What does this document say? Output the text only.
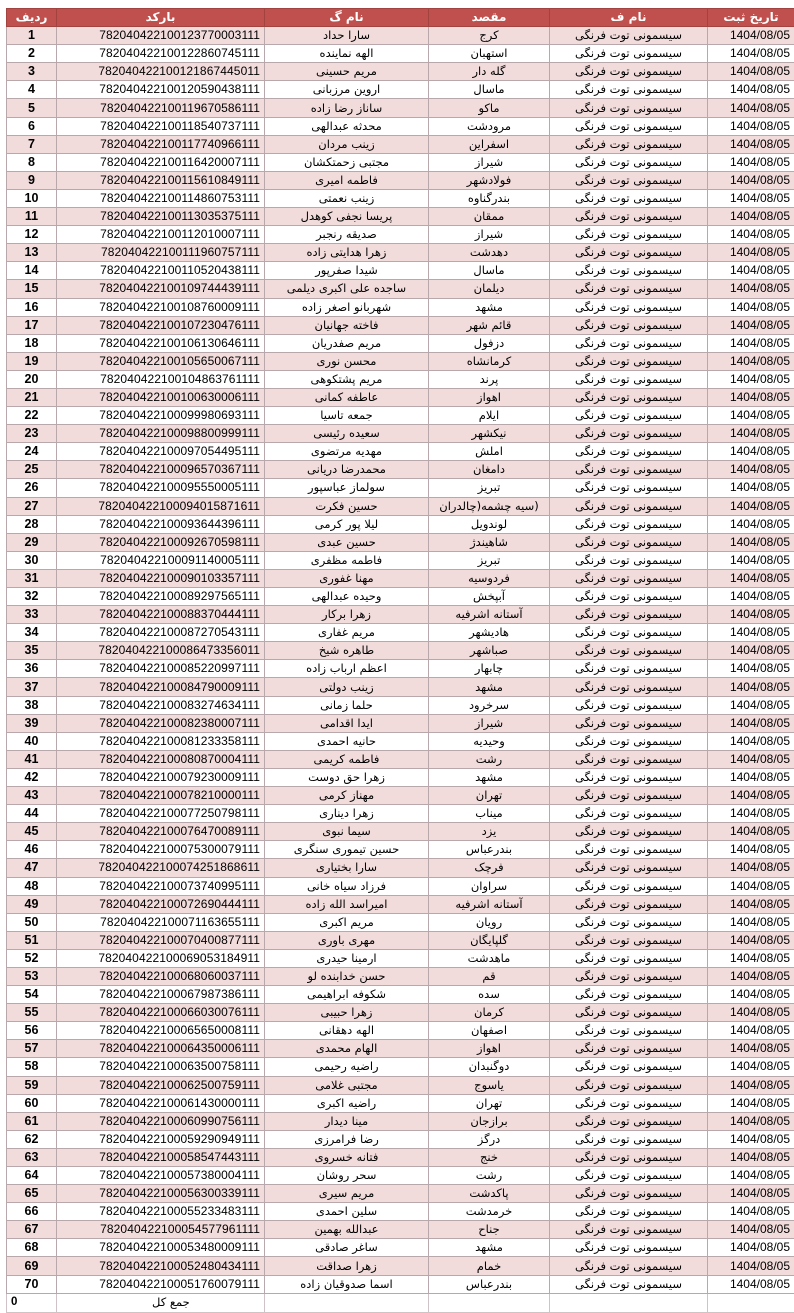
ردیف	بارکد	نام گ	مقصد	نام ف	تاریخ ثبت
1	782040422100123770003111	سارا حداد	کرج	سیسمونی توت فرنگی	1404/08/05
2	782040422100122860745111	الهه نماینده	استهبان	سیسمونی توت فرنگی	1404/08/05
3	782040422100121867445011	مریم حسینی	گله دار	سیسمونی توت فرنگی	1404/08/05
4	782040422100120590438111	اروین مرزبانی	ماسال	سیسمونی توت فرنگی	1404/08/05
5	782040422100119670586111	ساناز رضا زاده	ماکو	سیسمونی توت فرنگی	1404/08/05
6	782040422100118540737111	محدثه عبدالهی	مرودشت	سیسمونی توت فرنگی	1404/08/05
7	782040422100117740966111	زینب مردان	اسفراین	سیسمونی توت فرنگی	1404/08/05
8	782040422100116420007111	مجتبی زحمتکشان	شیراز	سیسمونی توت فرنگی	1404/08/05
9	782040422100115610849111	فاطمه امیری	فولادشهر	سیسمونی توت فرنگی	1404/08/05
10	782040422100114860753111	زینب نعمتی	بندرگناوه	سیسمونی توت فرنگی	1404/08/05
11	782040422100113035375111	پریسا نجفی کوهدل	ممقان	سیسمونی توت فرنگی	1404/08/05
12	782040422100112010007111	صدیقه رنجبر	شیراز	سیسمونی توت فرنگی	1404/08/05
13	782040422100111960757111	زهرا هدایتی زاده	دهدشت	سیسمونی توت فرنگی	1404/08/05
14	782040422100110520438111	شیدا صفرپور	ماسال	سیسمونی توت فرنگی	1404/08/05
15	782040422100109744439111	ساجده علی اکبری دیلمی	دیلمان	سیسمونی توت فرنگی	1404/08/05
16	782040422100108760009111	شهربانو اصغر زاده	مشهد	سیسمونی توت فرنگی	1404/08/05
17	782040422100107230476111	فاخته جهانیان	قائم شهر	سیسمونی توت فرنگی	1404/08/05
18	782040422100106130646111	مریم صفدریان	دزفول	سیسمونی توت فرنگی	1404/08/05
19	782040422100105650067111	محسن نوری	کرمانشاه	سیسمونی توت فرنگی	1404/08/05
20	782040422100104863761111	مریم پشتکوهی	پرند	سیسمونی توت فرنگی	1404/08/05
21	782040422100100630006111	عاطفه کمانی	اهواز	سیسمونی توت فرنگی	1404/08/05
22	782040422100099980693111	جمعه تاسیا	ایلام	سیسمونی توت فرنگی	1404/08/05
23	782040422100098800999111	سعیده رئیسی	نیکشهر	سیسمونی توت فرنگی	1404/08/05
24	782040422100097054495111	مهدیه مرتضوی	املش	سیسمونی توت فرنگی	1404/08/05
25	782040422100096570367111	محمدرضا دریانی	دامغان	سیسمونی توت فرنگی	1404/08/05
26	782040422100095550005111	سولماز عباسپور	تبریز	سیسمونی توت فرنگی	1404/08/05
27	782040422100094015871611	حسین فکرت	(سیه چشمه(چالدران	سیسمونی توت فرنگی	1404/08/05
28	782040422100093644396111	لیلا پور کرمی	لوندویل	سیسمونی توت فرنگی	1404/08/05
29	782040422100092670598111	حسین عبدی	شاهیندژ	سیسمونی توت فرنگی	1404/08/05
30	782040422100091140005111	فاطمه مظفری	تبریز	سیسمونی توت فرنگی	1404/08/05
31	782040422100090103357111	مهنا غفوری	فردوسیه	سیسمونی توت فرنگی	1404/08/05
32	782040422100089297565111	وحیده عبدالهی	آبپخش	سیسمونی توت فرنگی	1404/08/05
33	782040422100088370444111	زهرا برکار	آستانه اشرفیه	سیسمونی توت فرنگی	1404/08/05
34	782040422100087270543111	مریم غفاری	هادیشهر	سیسمونی توت فرنگی	1404/08/05
35	782040422100086473356011	طاهره شیخ	صباشهر	سیسمونی توت فرنگی	1404/08/05
36	782040422100085220997111	اعظم ارباب زاده	چابهار	سیسمونی توت فرنگی	1404/08/05
37	782040422100084790009111	زینب دولتی	مشهد	سیسمونی توت فرنگی	1404/08/05
38	782040422100083274634111	حلما زمانی	سرخرود	سیسمونی توت فرنگی	1404/08/05
39	782040422100082380007111	ایدا اقدامی	شیراز	سیسمونی توت فرنگی	1404/08/05
40	782040422100081233358111	حانیه احمدی	وحیدیه	سیسمونی توت فرنگی	1404/08/05
41	782040422100080870004111	فاطمه کریمی	رشت	سیسمونی توت فرنگی	1404/08/05
42	782040422100079230009111	زهرا حق دوست	مشهد	سیسمونی توت فرنگی	1404/08/05
43	782040422100078210000111	مهناز کرمی	تهران	سیسمونی توت فرنگی	1404/08/05
44	782040422100077250798111	زهرا دیناری	میناب	سیسمونی توت فرنگی	1404/08/05
45	782040422100076470089111	سیما نبوی	یزد	سیسمونی توت فرنگی	1404/08/05
46	782040422100075300079111	حسین تیموری سنگری	بندرعباس	سیسمونی توت فرنگی	1404/08/05
47	782040422100074251868611	سارا بختیاری	فرچک	سیسمونی توت فرنگی	1404/08/05
48	782040422100073740995111	فرزاد سیاه خانی	سراوان	سیسمونی توت فرنگی	1404/08/05
49	782040422100072690444111	امیراسد الله زاده	آستانه اشرفیه	سیسمونی توت فرنگی	1404/08/05
50	782040422100071163655111	مریم اکبری	رویان	سیسمونی توت فرنگی	1404/08/05
51	782040422100070400877111	مهری باوری	گلپایگان	سیسمونی توت فرنگی	1404/08/05
52	782040422100069053184911	ارمینا حیدری	ماهدشت	سیسمونی توت فرنگی	1404/08/05
53	782040422100068060037111	حسن خدابنده لو	قم	سیسمونی توت فرنگی	1404/08/05
54	782040422100067987386111	شکوفه ابراهیمی	سده	سیسمونی توت فرنگی	1404/08/05
55	782040422100066030076111	زهرا حبیبی	کرمان	سیسمونی توت فرنگی	1404/08/05
56	782040422100065650008111	الهه دهقانی	اصفهان	سیسمونی توت فرنگی	1404/08/05
57	782040422100064350006111	الهام محمدی	اهواز	سیسمونی توت فرنگی	1404/08/05
58	782040422100063500758111	راضیه رحیمی	دوگنبدان	سیسمونی توت فرنگی	1404/08/05
59	782040422100062500759111	مجتبی غلامی	یاسوج	سیسمونی توت فرنگی	1404/08/05
60	782040422100061430000111	راضیه اکبری	تهران	سیسمونی توت فرنگی	1404/08/05
61	782040422100060990756111	مینا دیدار	برازجان	سیسمونی توت فرنگی	1404/08/05
62	782040422100059290949111	رضا فرامرزی	درگز	سیسمونی توت فرنگی	1404/08/05
63	782040422100058547443111	فتانه خسروی	خنج	سیسمونی توت فرنگی	1404/08/05
64	782040422100057380004111	سحر روشان	رشت	سیسمونی توت فرنگی	1404/08/05
65	782040422100056300339111	مریم سیری	پاکدشت	سیسمونی توت فرنگی	1404/08/05
66	782040422100055233483111	سلین احمدی	خرمدشت	سیسمونی توت فرنگی	1404/08/05
67	782040422100054577961111	عبدالله بهمین	جناح	سیسمونی توت فرنگی	1404/08/05
68	782040422100053480009111	ساغر صادقی	مشهد	سیسمونی توت فرنگی	1404/08/05
69	782040422100052480434111	زهرا صداقت	خمام	سیسمونی توت فرنگی	1404/08/05
70	782040422100051760079111	اسما صدوقیان زاده	بندرعباس	سیسمونی توت فرنگی	1404/08/05
0	جمع کل				
